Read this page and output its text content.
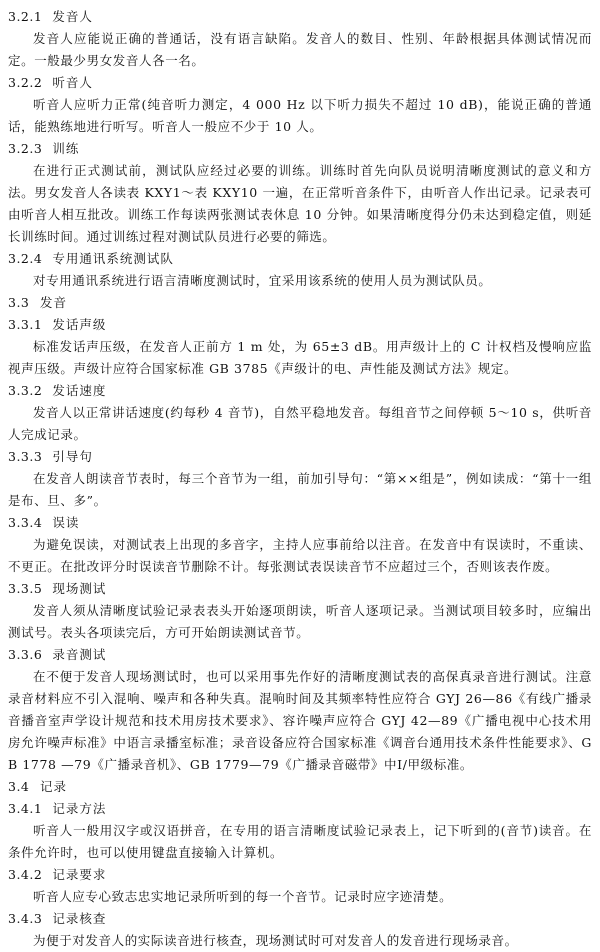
3.2.1 发音人

发音人应能说正确的普通话，没有语言缺陷。发音人的数目、性别、年龄根据具体测试情况而定。一般最少男女发音人各一名。

3.2.2 听音人

听音人应听力正常(纯音听力测定，4 000 Hz 以下听力损失不超过 10 dB)，能说正确的普通话，能熟练地进行听写。听音人一般应不少于 10 人。

3.2.3 训练

在进行正式测试前，测试队应经过必要的训练。训练时首先向队员说明清晰度测试的意义和方法。男女发音人各读表 KXY1～表 KXY10 一遍，在正常听音条件下，由听音人作出记录。记录表可由听音人相互批改。训练工作每读两张测试表休息 10 分钟。如果清晰度得分仍未达到稳定值，则延长训练时间。通过训练过程对测试队员进行必要的筛选。

3.2.4 专用通讯系统测试队

对专用通讯系统进行语言清晰度测试时，宜采用该系统的使用人员为测试队员。

3.3 发音
3.3.1 发话声级

标准发话声压级，在发音人正前方 1 m 处，为 65±3 dB。用声级计上的 C 计权档及慢响应监视声压级。声级计应符合国家标准 GB 3785《声级计的电、声性能及测试方法》规定。

3.3.2 发话速度

发音人以正常讲话速度(约每秒 4 音节)，自然平稳地发音。每组音节之间停顿 5～10 s，供听音人完成记录。

3.3.3 引导句

在发音人朗读音节表时，每三个音节为一组，前加引导句：“第××组是”，例如读成：“第十一组是布、旦、多”。

3.3.4 误读

为避免误读，对测试表上出现的多音字，主持人应事前给以注音。在发音中有误读时，不重读、不更正。在批改评分时误读音节删除不计。每张测试表误读音节不应超过三个，否则该表作废。

3.3.5 现场测试

发音人须从清晰度试验记录表表头开始逐项朗读，听音人逐项记录。当测试项目较多时，应编出测试号。表头各项读完后，方可开始朗读测试音节。

3.3.6 录音测试

在不便于发音人现场测试时，也可以采用事先作好的清晰度测试表的高保真录音进行测试。注意录音材料应不引入混响、噪声和各种失真。混响时间及其频率特性应符合 GYJ 26—86《有线广播录音播音室声学设计规范和技术用房技术要求》、容许噪声应符合 GYJ 42—89《广播电视中心技术用房允许噪声标准》中语言录播室标准；录音设备应符合国家标准《调音台通用技术条件性能要求》、GB 1778 —79《广播录音机》、GB 1779—79《广播录音磁带》中Ⅰ/甲级标准。

3.4 记录
3.4.1 记录方法

听音人一般用汉字或汉语拼音，在专用的语言清晰度试验记录表上，记下听到的(音节)读音。在条件允许时，也可以使用键盘直接输入计算机。

3.4.2 记录要求

听音人应专心致志忠实地记录所听到的每一个音节。记录时应字迹清楚。

3.4.3 记录核查

为便于对发音人的实际读音进行核查，现场测试时可对发音人的发音进行现场录音。
